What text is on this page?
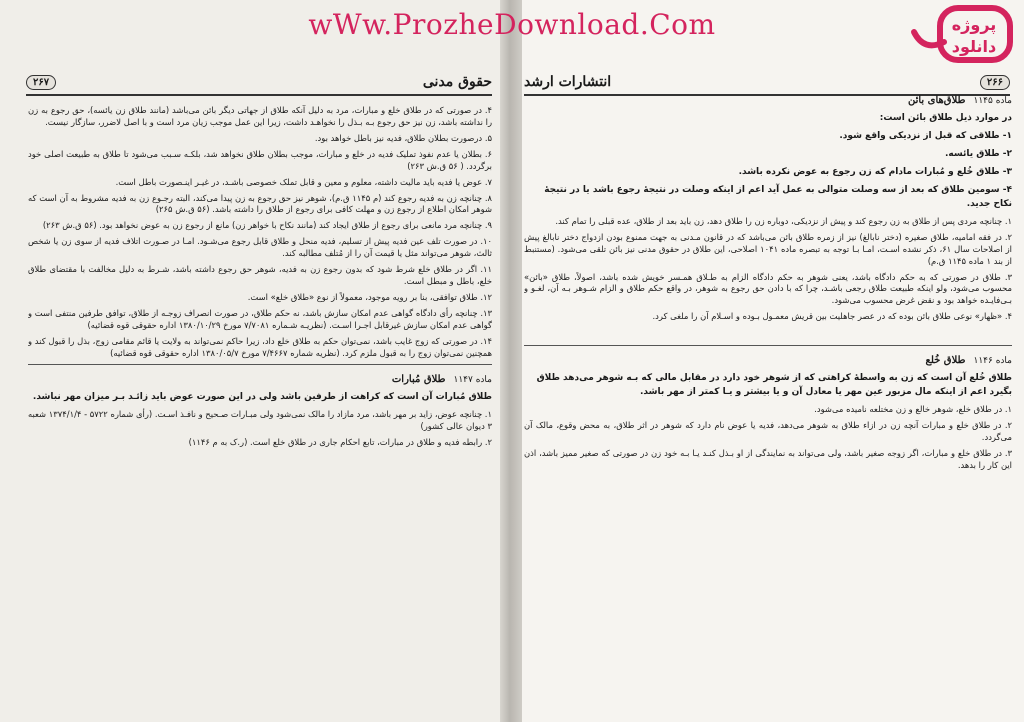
wWw.ProzheDownload.Com	پروژه
دانلود
حقوق مدنی
۲۶۷

۴. در صورتی که در طلاق خلع و مبارات، مرد به دلیل آنکه طلاق از جهاتی دیگر بائن می‌باشد (مانند طلاق زن یائسه)، حق رجوع به زن را نداشته باشد، زن نیز حق رجوع بـه بـذل را نخواهـد داشت، زیرا این عمل موجب زیان مرد است و با اصل لاضرر، سازگار نیست.

۵. درصورت بطلان طلاق، فدیه نیز باطل خواهد بود.

۶. بطلان یا عدم نفوذ تملیک فدیه در خلع و مبارات، موجب بطلان طلاق نخواهد شد، بلکـه سـبب می‌شود تا طلاق به طبیعت اصلی خود برگردد. ( ۵۶ ق.ش ۲۶۳)

۷. عوض یا فدیه باید مالیت داشته، معلوم و معین و قابل تملک خصوصی باشـد، در غیـر اینـصورت باطل است.

۸. چنانچه زن به فدیه رجوع کند (م ۱۱۴۵ ق.م)، شوهر نیز حق رجوع به زن پیدا می‌کند، البته رجـوع زن به فدیه مشروط به آن است که شوهر امکان اطلاع از رجوع زن و مهلت کافی برای رجوع از طلاق را داشته باشد. (۵۶ ق.ش ۲۶۵)

۹. چنانچه مرد مانعی برای رجوع از طلاق ایجاد کند (مانند نکاح با خواهر زن) مانع از رجوع زن به عوض نخواهد بود. (۵۶ ق.ش ۲۶۳)

۱۰. در صورت تلف عین فدیه پیش از تسلیم، فدیه منحل و طلاق قابل رجوع می‌شـود. امـا در صـورت اتلاف فدیه از سوی زن یا شخص ثالث، شوهر می‌تواند مثل یا قیمت آن را از مُتلف مطالبه کند.

۱۱. اگر در طلاق خلع شرط شود که بدون رجوع زن به فدیه، شوهر حق رجوع داشته باشد، شـرط به دلیل مخالفت با مقتضای طلاق خلع، باطل و مبطل است.

۱۲. طلاق توافقی، بنا بر رویه موجود، معمولاً از نوع «طلاق خلع» است.

۱۳. چنانچه رأی دادگاه گواهی عدم امکان سازش باشد، نه حکم طلاق، در صورت انصراف زوجـه از طلاق، توافق طرفین منتفی است و گواهی عدم امکان سازش غیرقابل اجـرا اسـت. (نظریـه شـماره ۷/۷۰۸۱ مورخ ۱۳۸۰/۱۰/۲۹ اداره حقوقی قوه قضائیه)

۱۴. در صورتی که زوج غایب باشد، نمی‌توان حکم به طلاق خلع داد، زیرا حاکم نمی‌تواند به ولایت یا قائم مقامی زوج، بذل را قبول کند و همچنین نمی‌توان زوج را به قبول ملزم کرد. (نظریه شماره ۷/۴۶۶۷ مورخ ۱۳۸۰/۰۵/۷ اداره حقوقی قوه قضائیه)

ماده ۱۱۴۷
طلاق مُبارات

طلاق مُبارات آن است که کراهت از طرفین باشد ولی در این صورت عوض باید زائـد بـر میزان مهر نباشد.

۱. چنانچه عوض، زاید بر مهر باشد، مرد مازاد را مالک نمی‌شود ولی مبـارات صـحیح و نافـذ اسـت. (رأی شماره ۵۷۲۲ - ۱۳۷۴/۱/۴ شعبه ۳ دیوان عالی کشور)

۲. رابطه فدیه و طلاق در مبارات، تابع احکام جاری در طلاق خلع است. (ر.ک به م ۱۱۴۶)

۲۶۶
انتشارات ارشد
ماده ۱۱۴۵
طلاق‌های بائن

در موارد ذیل طلاق بائن است:

۱- طلاقی که قبل از نزدیکی واقع شود.

۲- طلاق یائسه.

۳- طلاق خُلع و مُبارات مادام که زن رجوع به عوض نکرده باشد.

۴- سومین طلاق که بعد از سه وصلت متوالی به عمل آید اعم از اینکه وصلت در نتیجهٔ رجوع باشد یا در نتیجهٔ نکاح جدید.

۱. چنانچه مردی پس از طلاق به زن رجوع کند و پیش از نزدیکی، دوباره زن را طلاق دهد، زن باید بعد از طلاق، عده قبلی را تمام کند.

۲. در فقه امامیه، طلاق صغیره (دختر نابالغ) نیز از زمره طلاق بائن می‌باشد که در قانون مـدنی به جهت ممنوع بودن ازدواج دختر نابالغ پیش از اصلاحات سال ۶۱، ذکر نشده اسـت، امـا بـا توجه به تبصره ماده ۱۰۴۱ اصلاحی، این طلاق در حقوق مدنی نیز بائن تلقی می‌شود. (مستنبط از بند ۱ ماده ۱۱۴۵ ق.م)

۳. طلاق در صورتی که به حکم دادگاه باشد، یعنی شوهر به حکم دادگاه الزام به طـلاق همـسر خویش شده باشد، اصولاً، طلاق «بائن» محسوب می‌شود، ولو اینکه طبیعت طلاق رجعی باشـد، چرا که با دادن حق رجوع به شوهر، در واقع حکم طلاق و الزام شـوهر بـه آن، لغـو و بـی‌فایـده خواهد بود و نقض غرض محسوب می‌شود.

۴. «ظهار» نوعی طلاق بائن بوده که در عصر جاهلیت بین قریش معمـول بـوده و اسـلام آن را ملغی کرد.

ماده ۱۱۴۶
طلاق خُلع

طلاق خُلع آن است که زن به واسطهٔ کراهتی که از شوهر خود دارد در مقابل مالی که بـه شوهر می‌دهد طلاق بگیرد اعم از اینکه مال مزبور عین مهر یا معادل آن و یا بیشتر و یـا کمتر از مهر باشد.

۱. در طلاق خلع، شوهر خالع و زن مختلعه نامیده می‌شود.

۲. در طلاق خلع و مبارات آنچه زن در ازاء طلاق به شوهر می‌دهد، فدیه یا عوض نام دارد که شوهر در اثر طلاق، به محض وقوع، مالک آن می‌گردد.

۳. در طلاق خلع و مبارات، اگر زوجه صغیر باشد، ولی می‌تواند به نمایندگی از او بـذل کنـد یـا بـه خود زن در صورتی که صغیر ممیز باشد، اذن این کار را بدهد.
